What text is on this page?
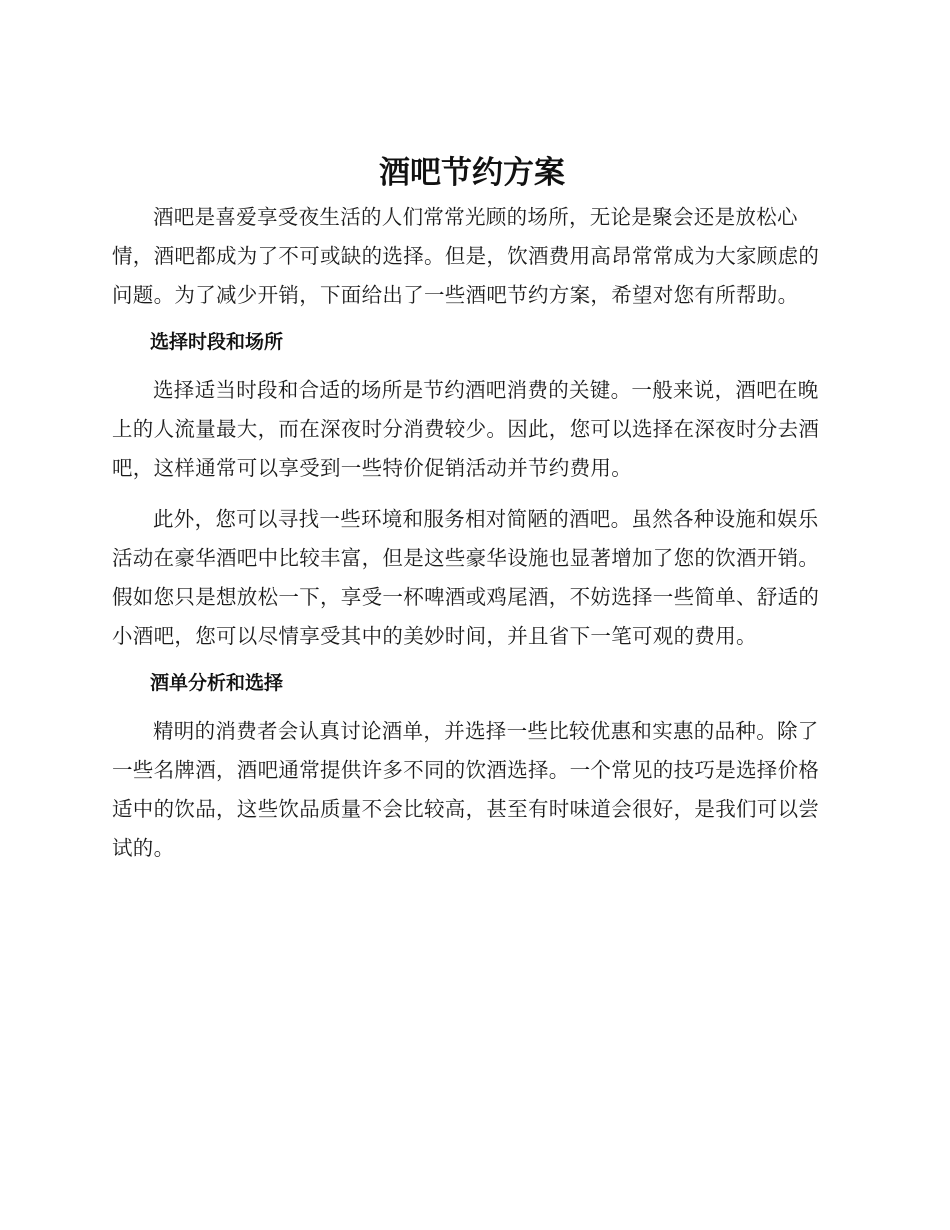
酒吧节约方案

酒吧是喜爱享受夜生活的人们常常光顾的场所，无论是聚会还是放松心情，酒吧都成为了不可或缺的选择。但是，饮酒费用高昂常常成为大家顾虑的问题。为了减少开销，下面给出了一些酒吧节约方案，希望对您有所帮助。

选择时段和场所

选择适当时段和合适的场所是节约酒吧消费的关键。一般来说，酒吧在晚上的人流量最大，而在深夜时分消费较少。因此，您可以选择在深夜时分去酒吧，这样通常可以享受到一些特价促销活动并节约费用。

此外，您可以寻找一些环境和服务相对简陋的酒吧。虽然各种设施和娱乐活动在豪华酒吧中比较丰富，但是这些豪华设施也显著增加了您的饮酒开销。假如您只是想放松一下，享受一杯啤酒或鸡尾酒，不妨选择一些简单、舒适的小酒吧，您可以尽情享受其中的美妙时间，并且省下一笔可观的费用。

酒单分析和选择

精明的消费者会认真讨论酒单，并选择一些比较优惠和实惠的品种。除了一些名牌酒，酒吧通常提供许多不同的饮酒选择。一个常见的技巧是选择价格适中的饮品，这些饮品质量不会比较高，甚至有时味道会很好，是我们可以尝试的。
